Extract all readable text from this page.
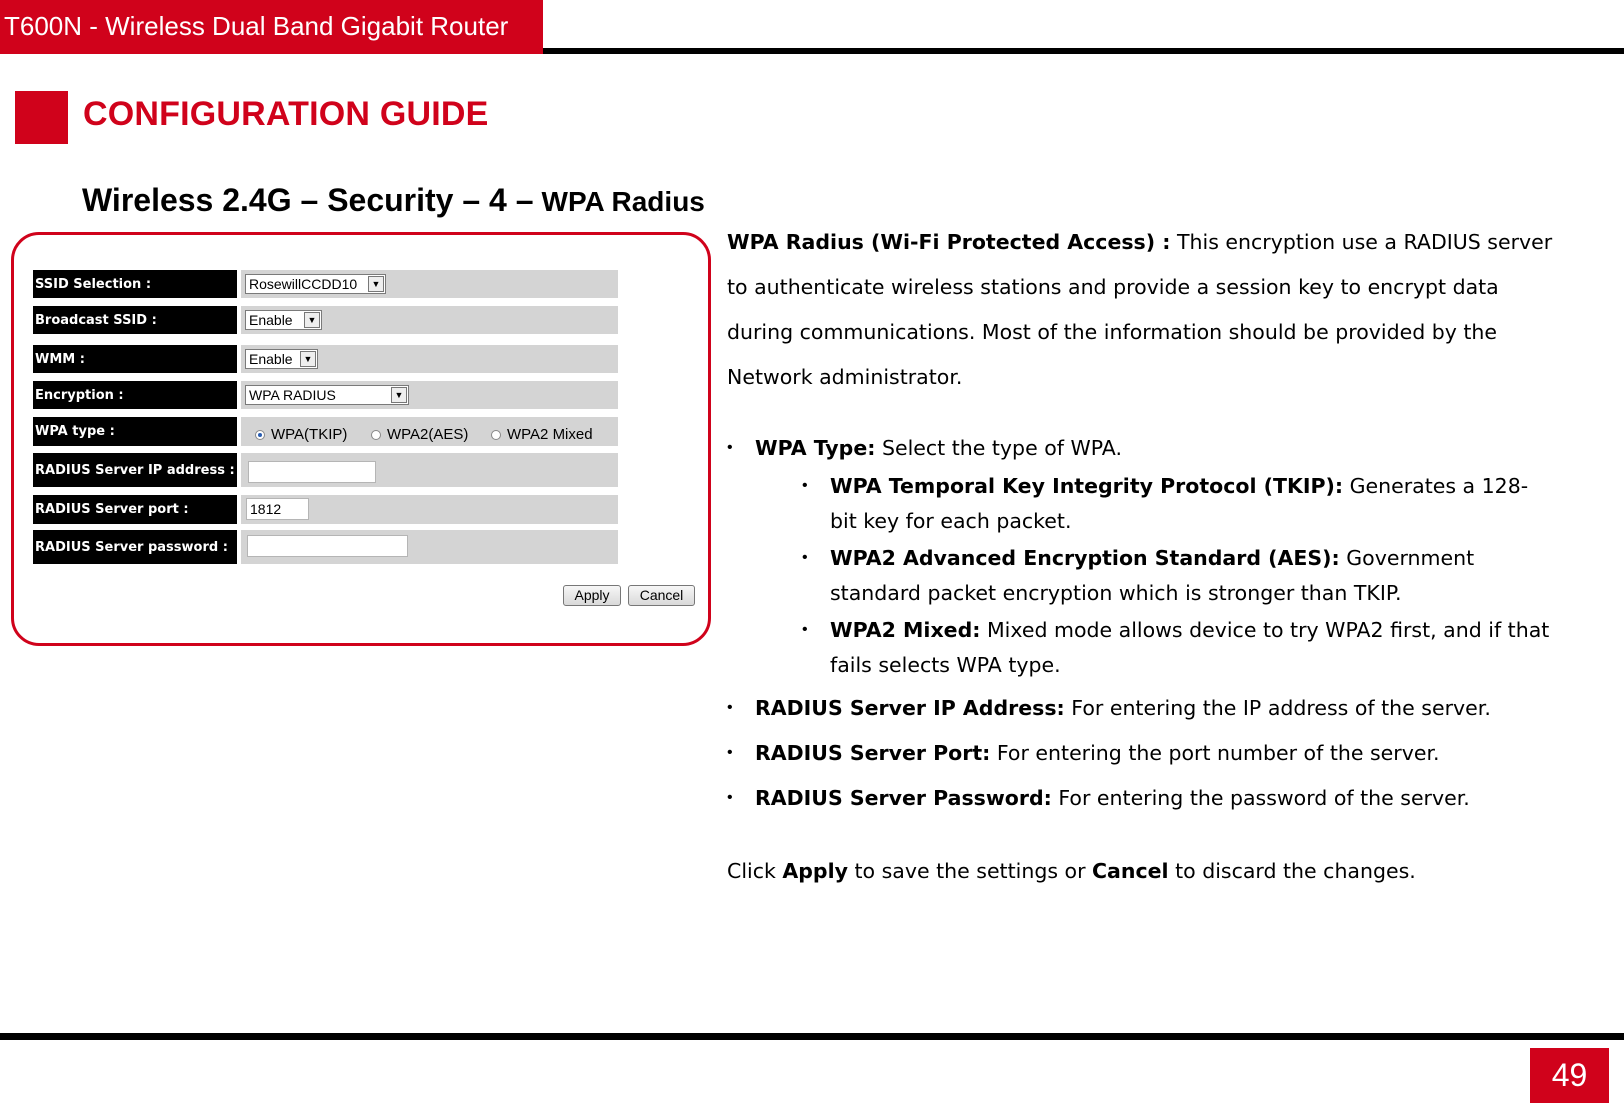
T600N - Wireless Dual Band Gigabit Router
CONFIGURATION GUIDE
Wireless 2.4G – Security – 4 – WPA Radius
SSID Selection :	RosewillCCDD10	▼
Broadcast SSID :	Enable	▼
WMM :	Enable	▼
Encryption :	WPA RADIUS	▼
WPA type :	WPA(TKIP)	WPA2(AES)	WPA2 Mixed
RADIUS Server IP address :
RADIUS Server port :	1812
RADIUS Server password :
Apply	Cancel
WPA Radius (Wi-Fi Protected Access) : This encryption use a RADIUS server to authenticate wireless stations and provide a session key to encrypt data during communications. Most of the information should be provided by the Network administrator.
• WPA Type: Select the type of WPA.
• WPA Temporal Key Integrity Protocol (TKIP): Generates a 128-bit key for each packet.
• WPA2 Advanced Encryption Standard (AES): Government standard packet encryption which is stronger than TKIP.
• WPA2 Mixed: Mixed mode allows device to try WPA2 first, and if that fails selects WPA type.
• RADIUS Server IP Address: For entering the IP address of the server.
• RADIUS Server Port: For entering the port number of the server.
• RADIUS Server Password: For entering the password of the server.
Click Apply to save the settings or Cancel to discard the changes.
49
